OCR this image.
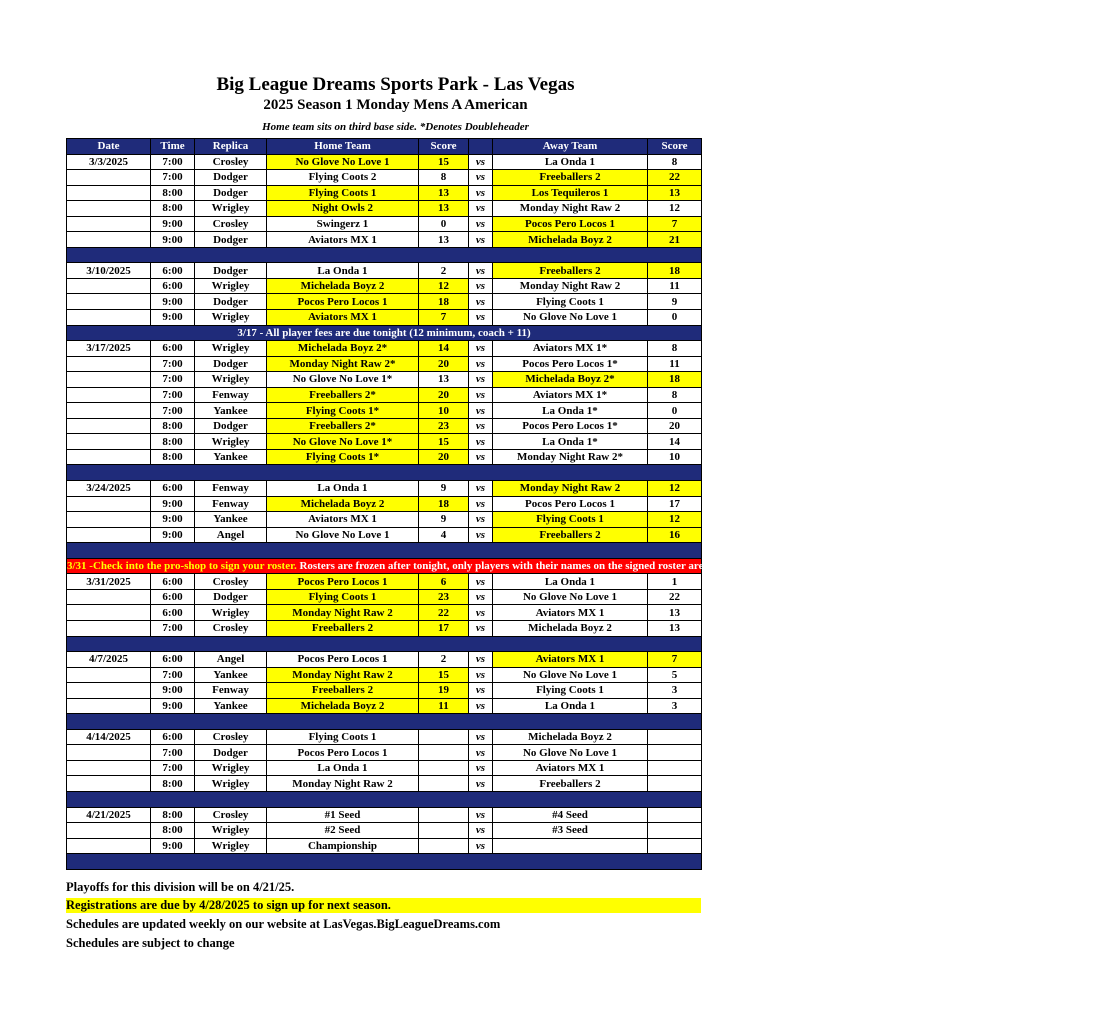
Big League Dreams Sports Park - Las Vegas
2025 Season 1 Monday Mens A American
Home team sits on third base side. *Denotes Doubleheader
Date	Time	Replica	Home Team	Score		Away Team	Score
3/3/2025	7:00	Crosley	No Glove No Love 1	15	vs	La Onda 1	8
	7:00	Dodger	Flying Coots 2	8	vs	Freeballers 2	22
	8:00	Dodger	Flying Coots 1	13	vs	Los Tequileros 1	13
	8:00	Wrigley	Night Owls 2	13	vs	Monday Night Raw 2	12
	9:00	Crosley	Swingerz 1	0	vs	Pocos Pero Locos 1	7
	9:00	Dodger	Aviators MX 1	13	vs	Michelada Boyz 2	21

3/10/2025	6:00	Dodger	La Onda 1	2	vs	Freeballers 2	18
	6:00	Wrigley	Michelada Boyz 2	12	vs	Monday Night Raw 2	11
	9:00	Dodger	Pocos Pero Locos 1	18	vs	Flying Coots 1	9
	9:00	Wrigley	Aviators MX 1	7	vs	No Glove No Love 1	0
3/17 - All player fees are due tonight (12 minimum, coach + 11)							
3/17/2025	6:00	Wrigley	Michelada Boyz 2*	14	vs	Aviators MX 1*	8
	7:00	Dodger	Monday Night Raw 2*	20	vs	Pocos Pero Locos 1*	11
	7:00	Wrigley	No Glove No Love 1*	13	vs	Michelada Boyz 2*	18
	7:00	Fenway	Freeballers 2*	20	vs	Aviators MX 1*	8
	7:00	Yankee	Flying Coots 1*	10	vs	La Onda 1*	0
	8:00	Dodger	Freeballers 2*	23	vs	Pocos Pero Locos 1*	20
	8:00	Wrigley	No Glove No Love 1*	15	vs	La Onda 1*	14
	8:00	Yankee	Flying Coots 1*	20	vs	Monday Night Raw 2*	10

3/24/2025	6:00	Fenway	La Onda 1	9	vs	Monday Night Raw 2	12
	9:00	Fenway	Michelada Boyz 2	18	vs	Pocos Pero Locos 1	17
	9:00	Yankee	Aviators MX 1	9	vs	Flying Coots 1	12
	9:00	Angel	No Glove No Love 1	4	vs	Freeballers 2	16

3/31 -Check into the pro-shop to sign your roster. Rosters are frozen after tonight, only players with their names on the signed roster are eligible for playoffs. Please check carefully as changes will not be made for omissions.							
3/31/2025	6:00	Crosley	Pocos Pero Locos 1	6	vs	La Onda 1	1
	6:00	Dodger	Flying Coots 1	23	vs	No Glove No Love 1	22
	6:00	Wrigley	Monday Night Raw 2	22	vs	Aviators MX 1	13
	7:00	Crosley	Freeballers 2	17	vs	Michelada Boyz 2	13

4/7/2025	6:00	Angel	Pocos Pero Locos 1	2	vs	Aviators MX 1	7
	7:00	Yankee	Monday Night Raw 2	15	vs	No Glove No Love 1	5
	9:00	Fenway	Freeballers 2	19	vs	Flying Coots 1	3
	9:00	Yankee	Michelada Boyz 2	11	vs	La Onda 1	3

4/14/2025	6:00	Crosley	Flying Coots 1		vs	Michelada Boyz 2	
	7:00	Dodger	Pocos Pero Locos 1		vs	No Glove No Love 1	
	7:00	Wrigley	La Onda 1		vs	Aviators MX 1	
	8:00	Wrigley	Monday Night Raw 2		vs	Freeballers 2	

4/21/2025	8:00	Crosley	#1 Seed		vs	#4 Seed	
	8:00	Wrigley	#2 Seed		vs	#3 Seed	
	9:00	Wrigley	Championship		vs		

Playoffs for this division will be on 4/21/25.
Registrations are due by 4/28/2025 to sign up for next season.
Schedules are updated weekly on our website at LasVegas.BigLeagueDreams.com
Schedules are subject to change
